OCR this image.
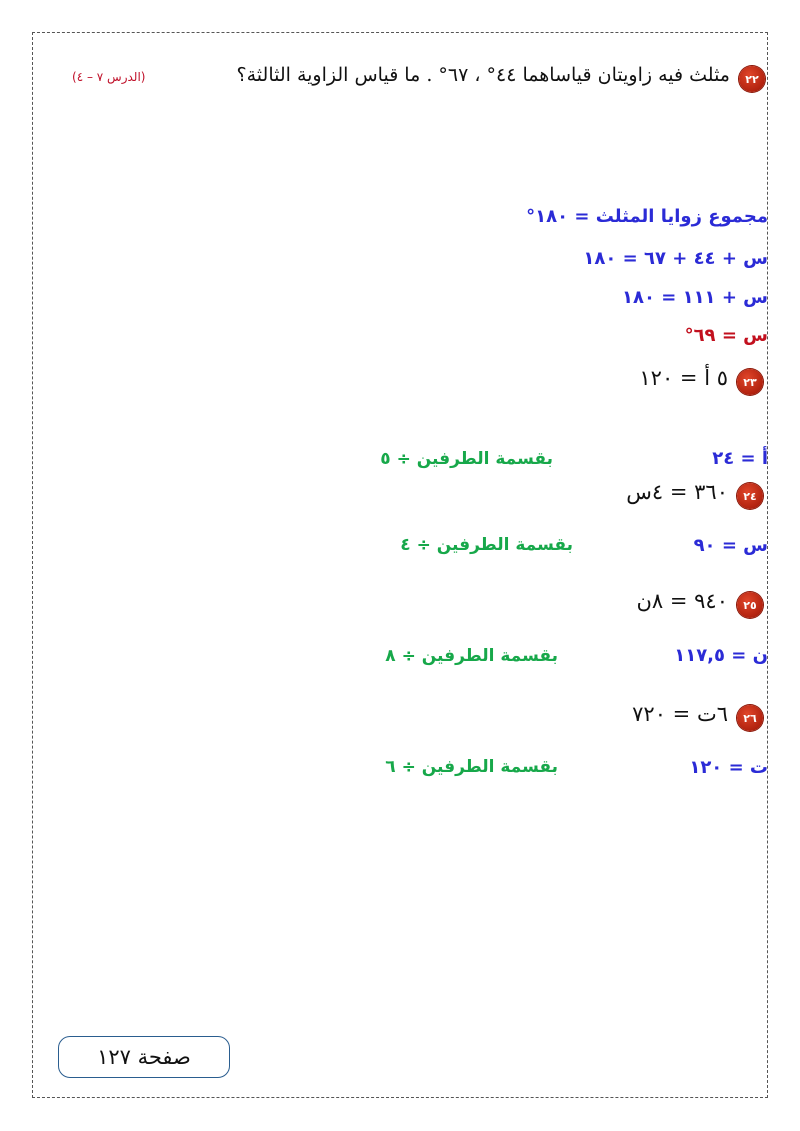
٢٢
مثلث فيه زاويتان قياساهما ٤٤° ، ٦٧° . ما قياس الزاوية الثالثة؟
(الدرس ٧ – ٤)
مجموع زوايا المثلث = ١٨٠°
س + ٤٤ + ٦٧ = ١٨٠
س + ١١١ = ١٨٠
س = ٦٩°
٢٣
٥ أ = ١٢٠
أ = ٢٤
بقسمة الطرفين ÷ ٥
٢٤
٣٦٠ = ٤س
س = ٩٠
بقسمة الطرفين ÷ ٤
٢٥
٩٤٠ = ٨ن
ن = ١١٧,٥
بقسمة الطرفين ÷ ٨
٢٦
٦ت = ٧٢٠
ت = ١٢٠
بقسمة الطرفين ÷ ٦
صفحة ١٢٧
